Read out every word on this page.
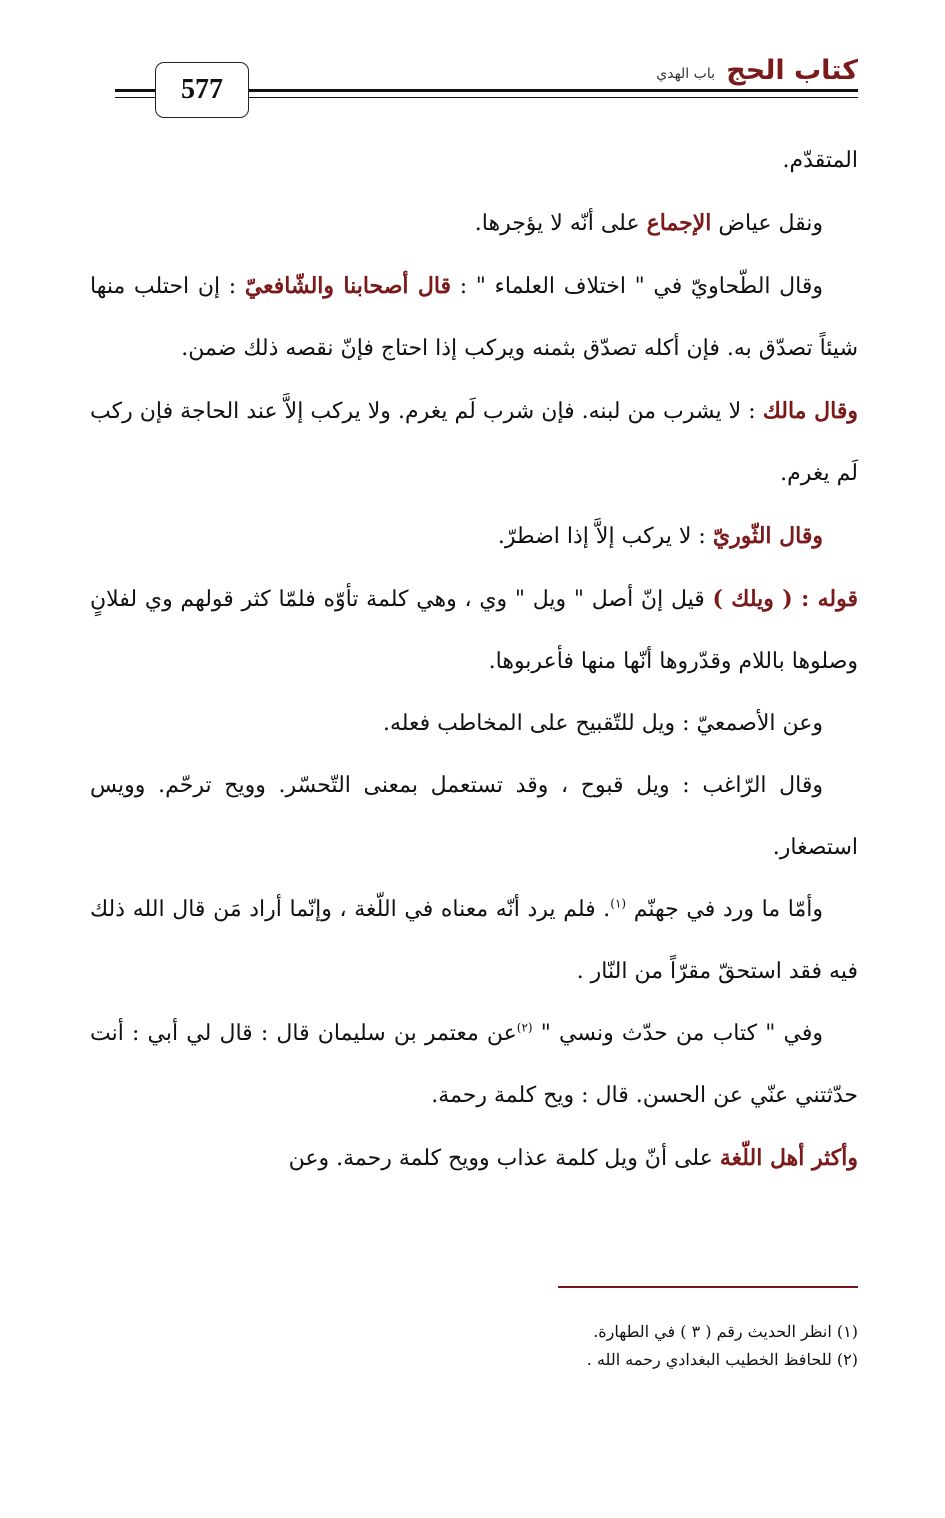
577
كتاب الحج
باب الهدي

المتقدّم.

ونقل عياض الإجماع على أنّه لا يؤجرها.

وقال الطّحاويّ في " اختلاف العلماء " : قال أصحابنا والشّافعيّ : إن احتلب منها شيئاً تصدّق به. فإن أكله تصدّق بثمنه ويركب إذا احتاج فإنّ نقصه ذلك ضمن.

وقال مالك : لا يشرب من لبنه. فإن شرب لَم يغرم. ولا يركب إلاَّ عند الحاجة فإن ركب لَم يغرم.

وقال الثّوريّ : لا يركب إلاَّ إذا اضطرّ.

قوله : ( ويلك ) قيل إنّ أصل " ويل " وي ، وهي كلمة تأوّه فلمّا كثر قولهم وي لفلانٍ وصلوها باللام وقدّروها أنّها منها فأعربوها.

وعن الأصمعيّ : ويل للتّقبيح على المخاطب فعله.

وقال الرّاغب : ويل قبوح ، وقد تستعمل بمعنى التّحسّر. وويح ترحّم. وويس استصغار.

وأمّا ما ورد في جهنّم $^{(١)}$. فلم يرد أنّه معناه في اللّغة ، وإنّما أراد مَن قال الله ذلك فيه فقد استحقّ مقرّاً من النّار .

وفي " كتاب من حدّث ونسي " $^{(٢)}$عن معتمر بن سليمان قال : قال لي أبي : أنت حدّثتني عنّي عن الحسن. قال : ويح كلمة رحمة.

وأكثر أهل اللّغة على أنّ ويل كلمة عذاب وويح كلمة رحمة. وعن

(١) انظر الحديث رقم ( ٣ ) في الطهارة.
(٢) للحافظ الخطيب البغدادي رحمه الله .
